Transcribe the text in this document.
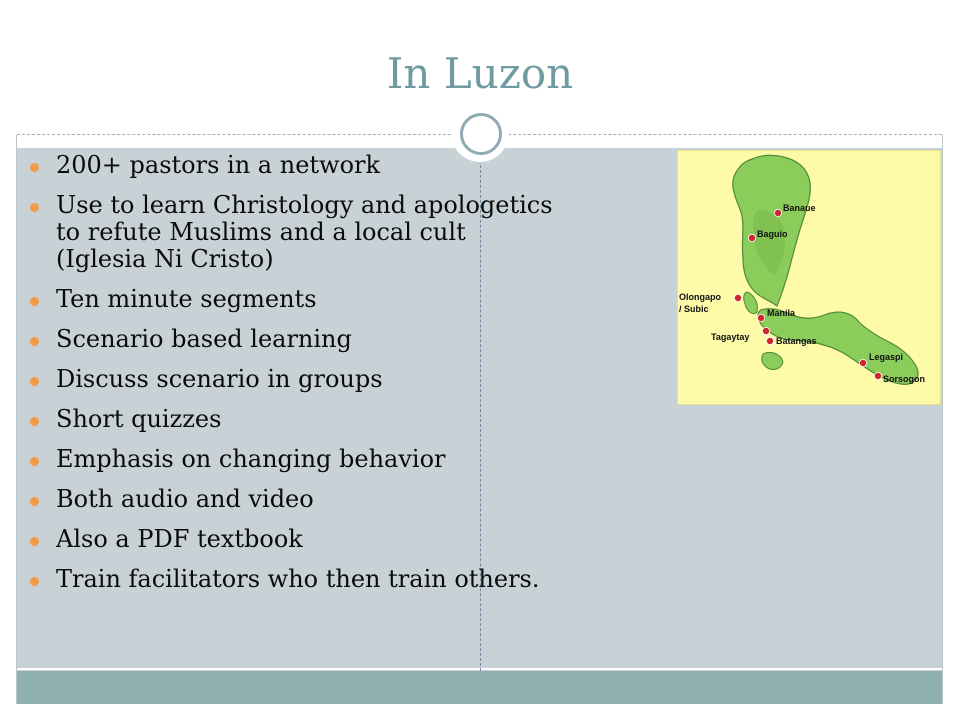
In Luzon
200+ pastors in a network
Use to learn Christology and apologetics to refute Muslims and a local cult (Iglesia Ni Cristo)
Ten minute segments
Scenario based learning
Discuss scenario in groups
Short quizzes
Emphasis on changing behavior
Both audio and video
Also a PDF textbook
Train facilitators who then train others.
Banaue
Baguio
Olongapo
/ Subic	Manila
Tagaytay	Batangas
Legaspi
Sorsogon
